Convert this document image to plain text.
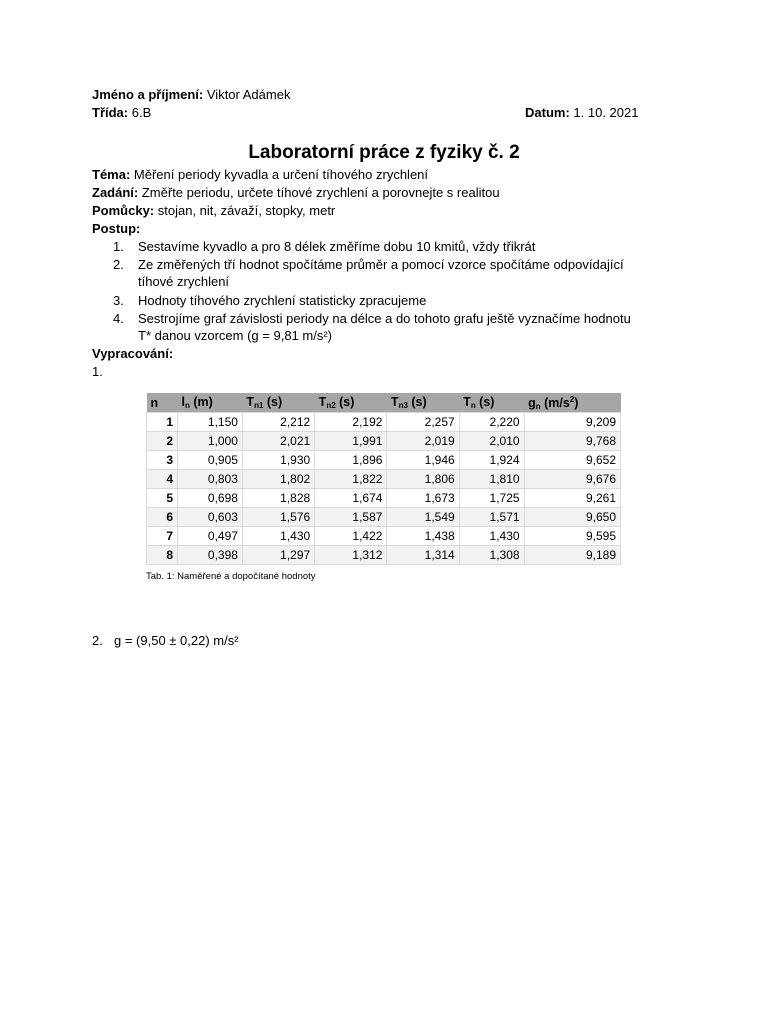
Jméno a příjmení: Viktor Adámek
Třída: 6.B	Datum: 1. 10. 2021
Laboratorní práce z fyziky č. 2
Téma: Měření periody kyvadla a určení tíhového zrychlení
Zadání: Změřte periodu, určete tíhové zrychlení a porovnejte s realitou
Pomůcky: stojan, nit, závaží, stopky, metr
Postup:
1. Sestavíme kyvadlo a pro 8 délek změříme dobu 10 kmitů, vždy třikrát
2. Ze změřených tří hodnot spočítáme průměr a pomocí vzorce spočítáme odpovídající
tíhové zrychlení
3. Hodnoty tíhového zrychlení statisticky zpracujeme
4. Sestrojíme graf závislosti periody na délce a do tohoto grafu ještě vyznačíme hodnotu
T* danou vzorcem (g = 9,81 m/s²)
Vypracování:
1.
n	$l_n$ (m)	$T_{n1}$ (s)	$T_{n2}$ (s)	$T_{n3}$ (s)	$T_n$ (s)	$g_n$ $(m/s^2)$
1	1,150	2,212	2,192	2,257	2,220	9,209
2	1,000	2,021	1,991	2,019	2,010	9,768
3	0,905	1,930	1,896	1,946	1,924	9,652
4	0,803	1,802	1,822	1,806	1,810	9,676
5	0,698	1,828	1,674	1,673	1,725	9,261
6	0,603	1,576	1,587	1,549	1,571	9,650
7	0,497	1,430	1,422	1,438	1,430	9,595
8	0,398	1,297	1,312	1,314	1,308	9,189
Tab. 1: Naměřené a dopočítané hodnoty
2. g = (9,50 ± 0,22) m/s²
